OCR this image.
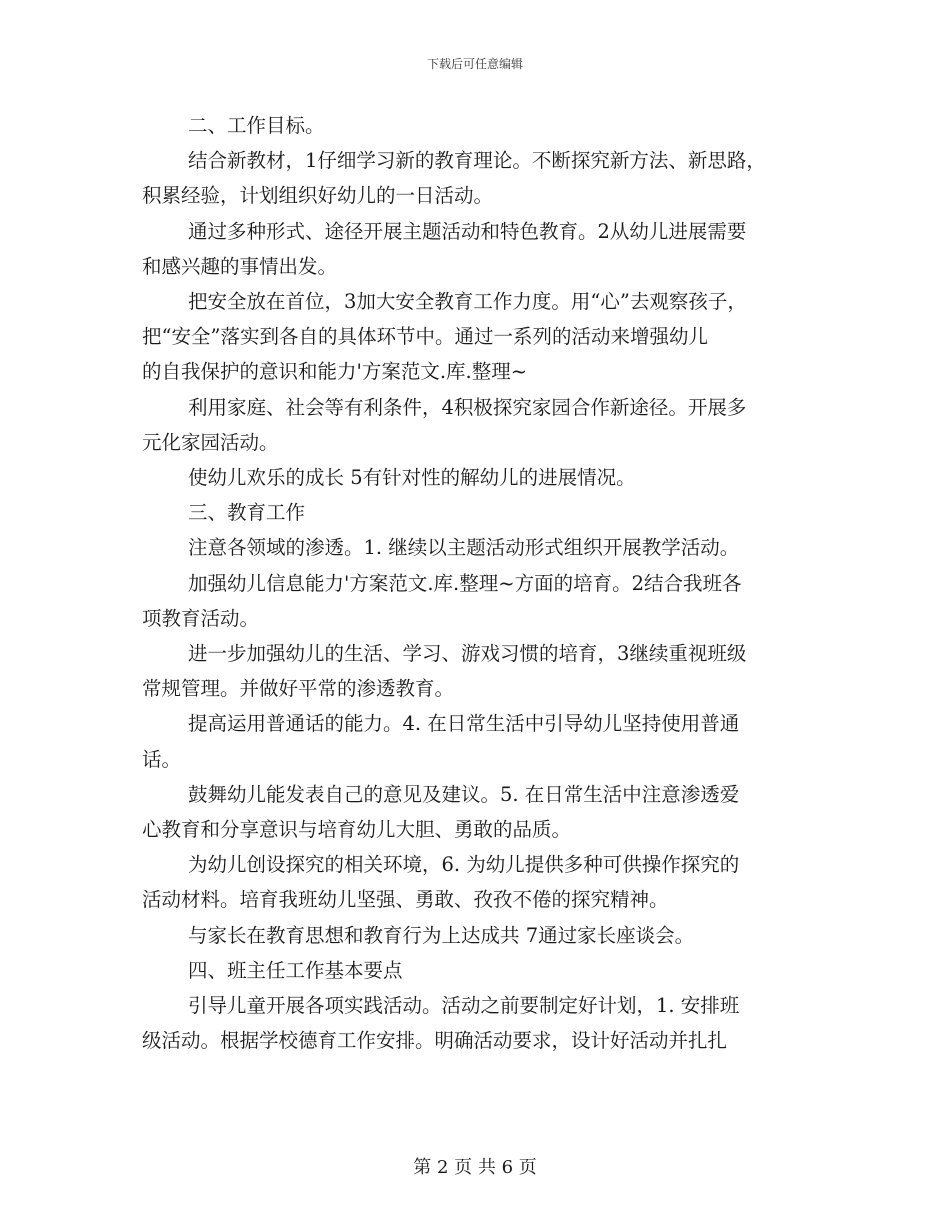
下载后可任意编辑
二、工作目标。
结合新教材，1仔细学习新的教育理论。不断探究新方法、新思路，
积累经验，计划组织好幼儿的一日活动。
通过多种形式、途径开展主题活动和特色教育。2从幼儿进展需要
和感兴趣的事情出发。
把安全放在首位，3加大安全教育工作力度。用“心”去观察孩子，
把“安全”落实到各自的具体环节中。通过一系列的活动来增强幼儿
的自我保护的意识和能力'方案范文.库.整理~
利用家庭、社会等有利条件，4积极探究家园合作新途径。开展多
元化家园活动。
使幼儿欢乐的成长 5有针对性的解幼儿的进展情况。
三、教育工作
注意各领域的渗透。1. 继续以主题活动形式组织开展教学活动。
加强幼儿信息能力'方案范文.库.整理~方面的培育。2结合我班各
项教育活动。
进一步加强幼儿的生活、学习、游戏习惯的培育，3继续重视班级
常规管理。并做好平常的渗透教育。
提高运用普通话的能力。4. 在日常生活中引导幼儿坚持使用普通
话。
鼓舞幼儿能发表自己的意见及建议。5. 在日常生活中注意渗透爱
心教育和分享意识与培育幼儿大胆、勇敢的品质。
为幼儿创设探究的相关环境，6. 为幼儿提供多种可供操作探究的
活动材料。培育我班幼儿坚强、勇敢、孜孜不倦的探究精神。
与家长在教育思想和教育行为上达成共 7通过家长座谈会。
四、班主任工作基本要点
引导儿童开展各项实践活动。活动之前要制定好计划，1. 安排班
级活动。根据学校德育工作安排。明确活动要求，设计好活动并扎扎
第 2 页 共 6 页
